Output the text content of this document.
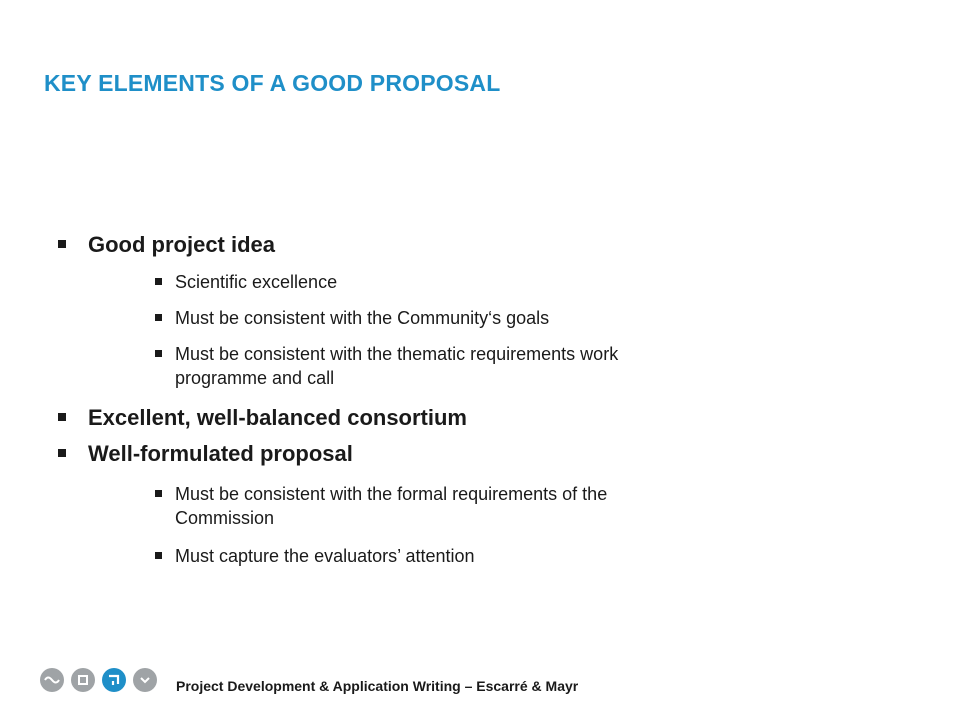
KEY ELEMENTS OF A GOOD PROPOSAL
Good project idea
Scientific excellence
Must be consistent with the Community‘s goals
Must be consistent with the thematic requirements work
programme and call
Excellent, well-balanced consortium
Well-formulated proposal
Must be consistent with the formal requirements of the
Commission
Must capture the evaluators’ attention
Project Development & Application Writing – Escarré & Mayr
